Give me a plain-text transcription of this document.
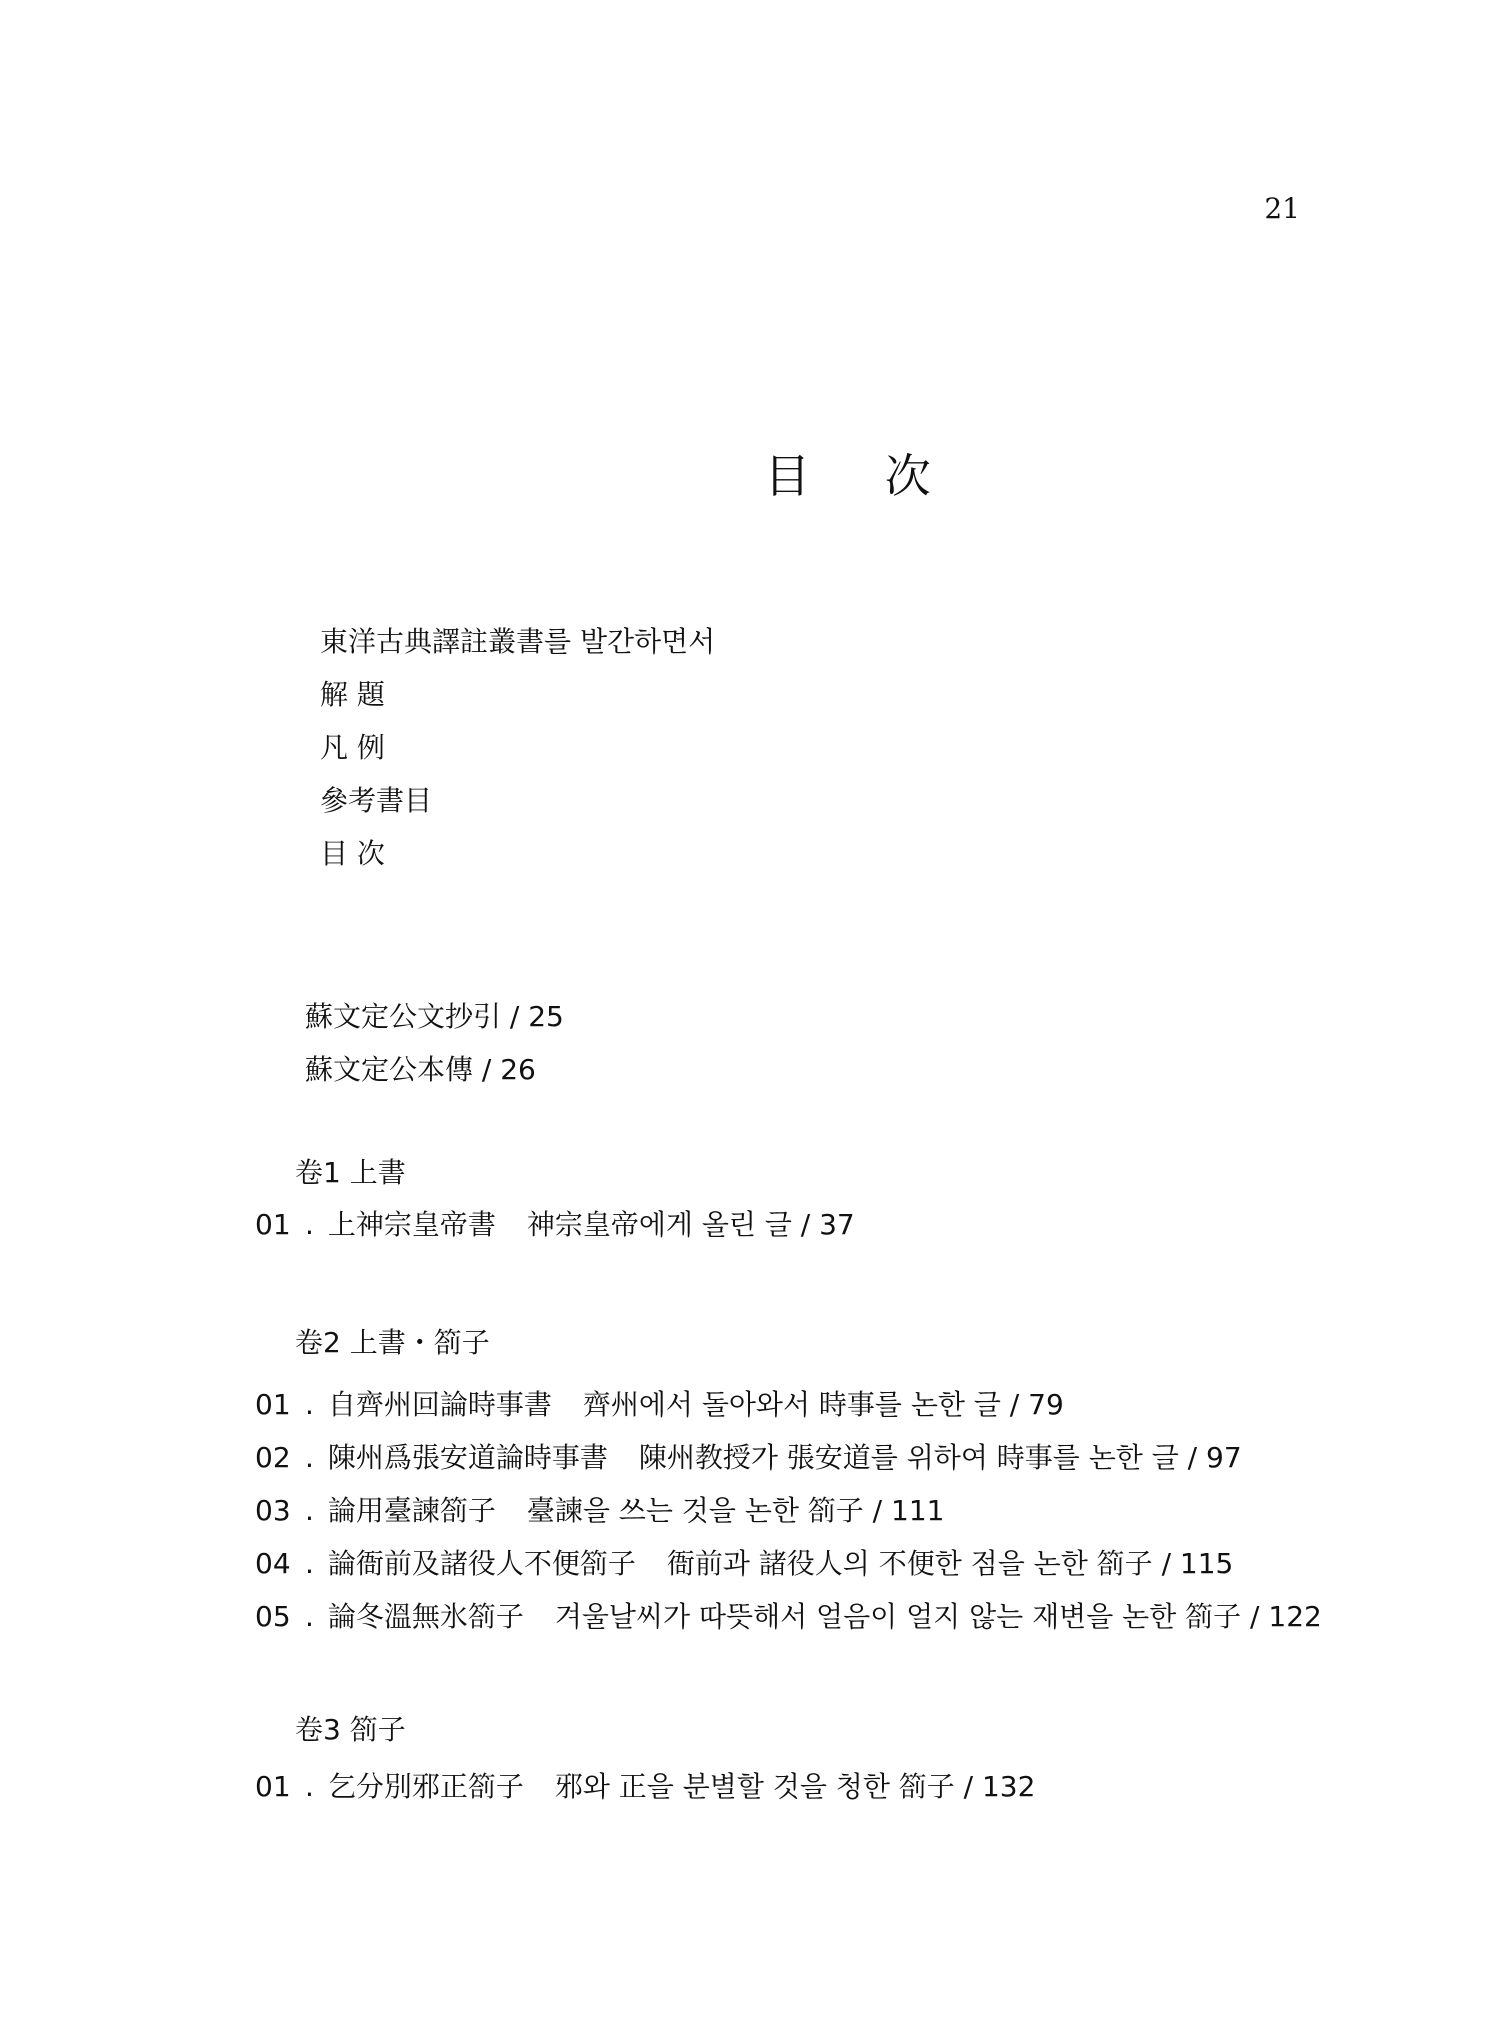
21
目 次
東洋古典譯註叢書를 발간하면서
解 題
凡 例
參考書目
目 次
蘇文定公文抄引 / 25
蘇文定公本傳 / 26
卷1 上書
01 . 上神宗皇帝書 神宗皇帝에게 올린 글 / 37
卷2 上書・箚子
01 . 自齊州回論時事書 齊州에서 돌아와서 時事를 논한 글 / 79
02 . 陳州爲張安道論時事書 陳州教授가 張安道를 위하여 時事를 논한 글 / 97
03 . 論用臺諫箚子 臺諫을 쓰는 것을 논한 箚子 / 111
04 . 論衙前及諸役人不便箚子 衙前과 諸役人의 不便한 점을 논한 箚子 / 115
05 . 論冬溫無氷箚子 겨울날씨가 따뜻해서 얼음이 얼지 않는 재변을 논한 箚子 / 122
卷3 箚子
01 . 乞分別邪正箚子 邪와 正을 분별할 것을 청한 箚子 / 132
